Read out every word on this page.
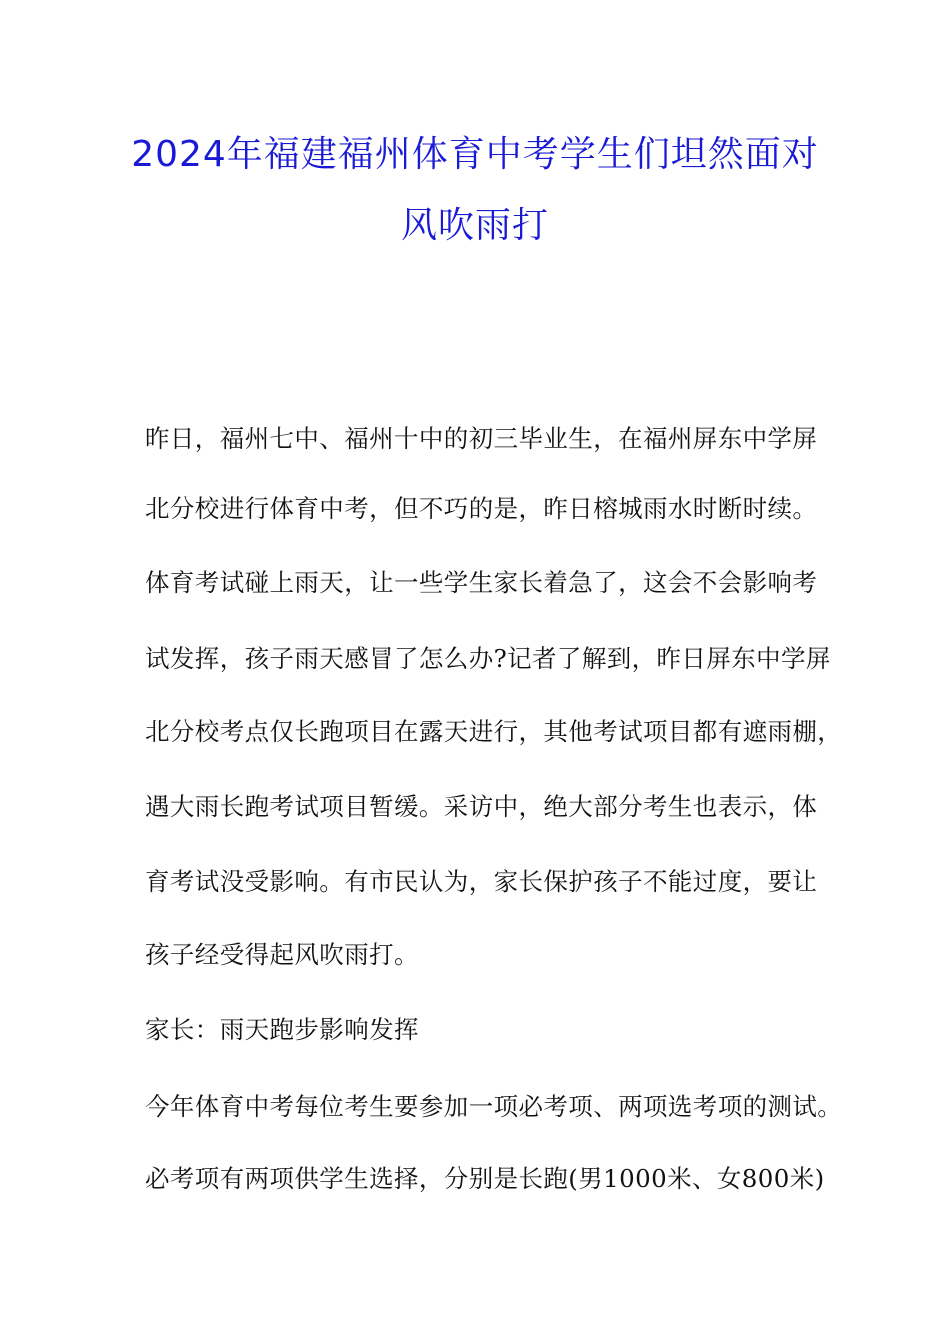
2024年福建福州体育中考学生们坦然面对
风吹雨打
昨日，福州七中、福州十中的初三毕业生，在福州屏东中学屏
北分校进行体育中考，但不巧的是，昨日榕城雨水时断时续。
体育考试碰上雨天，让一些学生家长着急了，这会不会影响考
试发挥，孩子雨天感冒了怎么办?记者了解到，昨日屏东中学屏
北分校考点仅长跑项目在露天进行，其他考试项目都有遮雨棚，
遇大雨长跑考试项目暂缓。采访中，绝大部分考生也表示，体
育考试没受影响。有市民认为，家长保护孩子不能过度，要让
孩子经受得起风吹雨打。
家长：雨天跑步影响发挥
今年体育中考每位考生要参加一项必考项、两项选考项的测试。
必考项有两项供学生选择，分别是长跑(男1000米、女800米)
